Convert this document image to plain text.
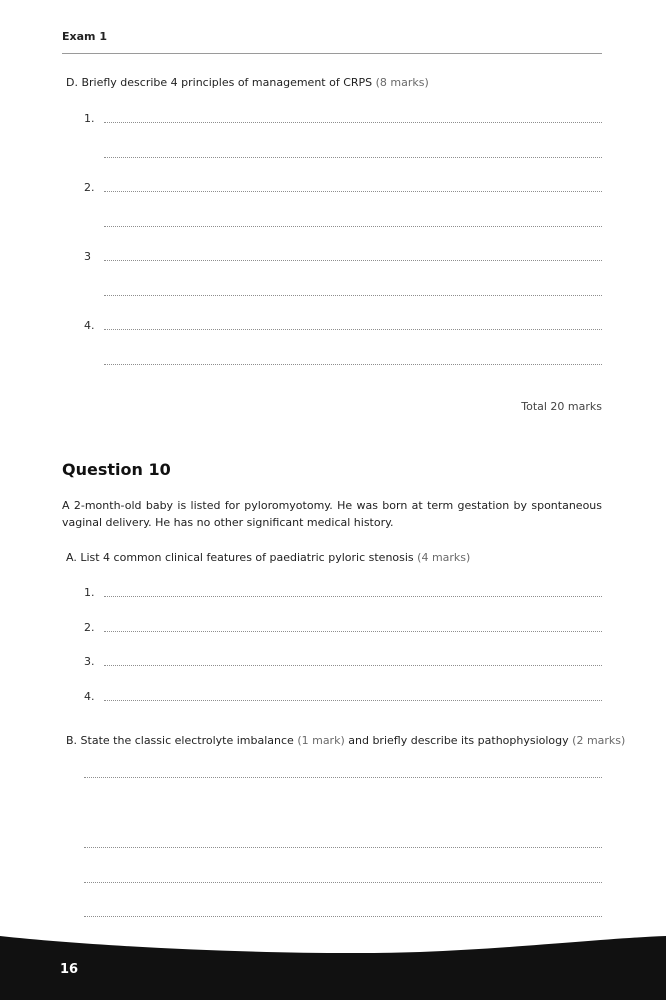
Exam 1
D. Briefly describe 4 principles of management of CRPS (8 marks)
1.
2.
3
4.
Total 20 marks
Question 10
A 2-month-old baby is listed for pyloromyotomy. He was born at term gestation by spontaneous vaginal delivery. He has no other significant medical history.
A. List 4 common clinical features of paediatric pyloric stenosis (4 marks)
1.
2.
3.
4.
B. State the classic electrolyte imbalance (1 mark) and briefly describe its pathophysiology (2 marks)
16
